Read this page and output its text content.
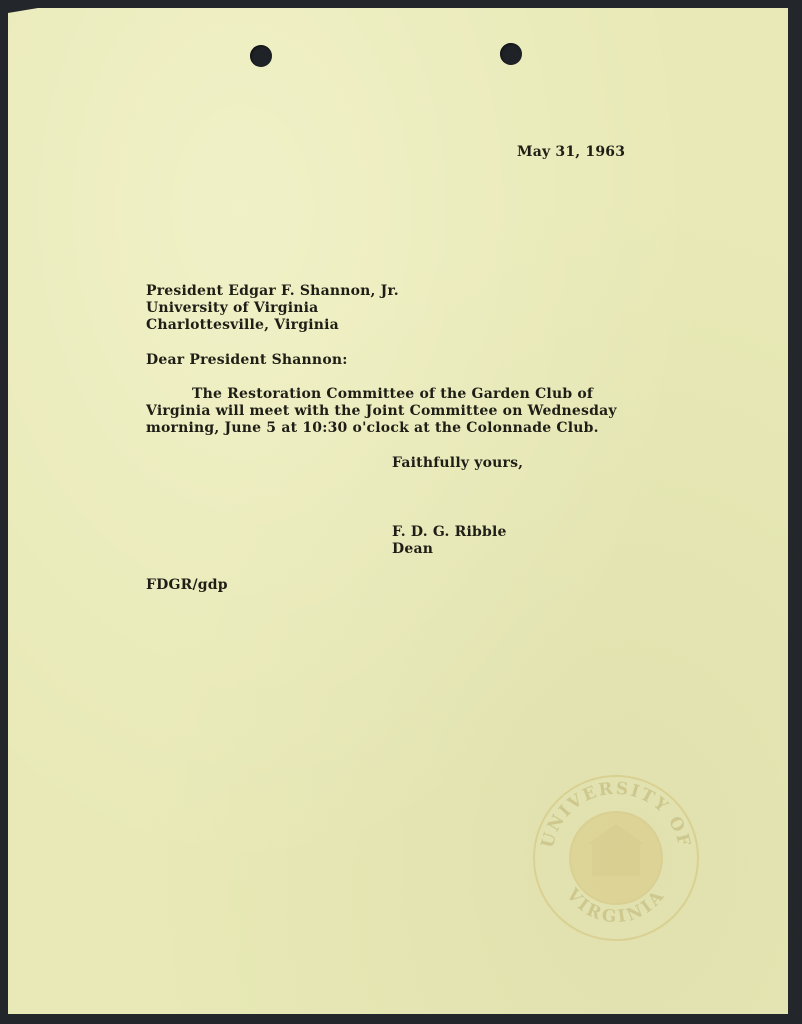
May 31, 1963
President Edgar F. Shannon, Jr.
University of Virginia
Charlottesville, Virginia
Dear President Shannon:
The Restoration Committee of the Garden Club of
Virginia will meet with the Joint Committee on Wednesday
morning, June 5 at 10:30 o'clock at the Colonnade Club.
Faithfully yours,
F. D. G. Ribble
Dean
FDGR/gdp
UNIVERSITY OF
VIRGINIA
